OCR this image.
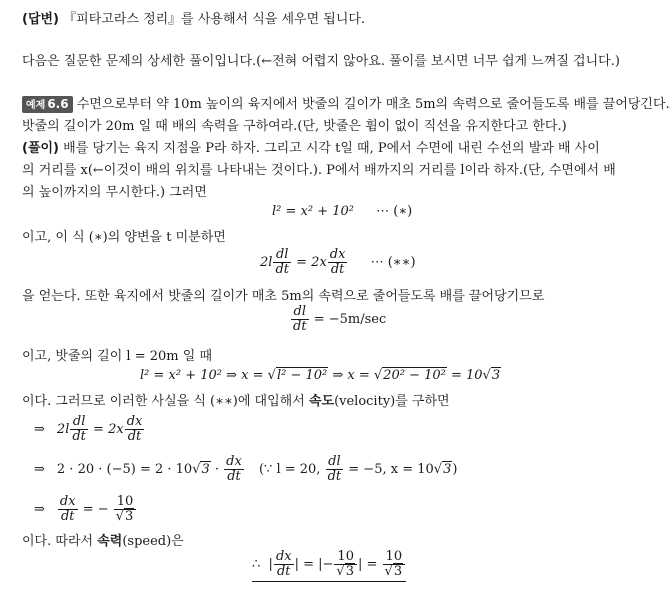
(답변) 『피타고라스 정리』를 사용해서 식을 세우면 됩니다.
다음은 질문한 문제의 상세한 풀이입니다.(←전혀 어렵지 않아요. 풀이를 보시면 너무 쉽게 느껴질 겁니다.)
예제 6.6 수면으로부터 약 10m 높이의 육지에서 밧줄의 길이가 매초 5m의 속력으로 줄어들도록 배를 끌어당긴다.
밧줄의 길이가 20m 일 때 배의 속력을 구하여라.(단, 밧줄은 휨이 없이 직선을 유지한다고 한다.)
(풀이) 배를 당기는 육지 지점을 P라 하자. 그리고 시각 t일 때, P에서 수면에 내린 수선의 발과 배 사이
의 거리를 x(←이것이 배의 위치를 나타내는 것이다.). P에서 배까지의 거리를 l이라 하자.(단, 수면에서 배
의 높이까지의 무시한다.) 그러면
l² = x² + 10² ⋯ (∗)
이고, 이 식 (∗)의 양변을 t 미분하면
$2l \frac{dl}{dt} = 2x \frac{dx}{dt}$ ⋯ (∗∗)
을 얻는다. 또한 육지에서 밧줄의 길이가 매초 5m의 속력으로 줄어들도록 배를 끌어당기므로
$\frac{dl}{dt} = -5m/\sec$
이고, 밧줄의 길이 l = 20m 일 때
l² = x² + 10² ⇒ x = √l² − 10² ⇒ x = √20² − 10² = 10√3
이다. 그러므로 이러한 사실을 식 (∗∗)에 대입해서 속도(velocity)를 구하면
⇒ $2l \frac{dl}{dt} = 2x \frac{dx}{dt}$
⇒ $2 \cdot 20 \cdot (-5) = 2 \cdot 10√3 \cdot \frac{dx}{dt}$ (∵ l = 20, $\frac{dl}{dt} = -5$, x = 10√3)
⇒ $\frac{dx}{dt}$ = − $\frac{10}{√3}$
이다. 따라서 속력(speed)은
∴  | $\frac{dx}{dt}$ | = |− $\frac{10}{√3}$ | = $\frac{10}{√3}$
